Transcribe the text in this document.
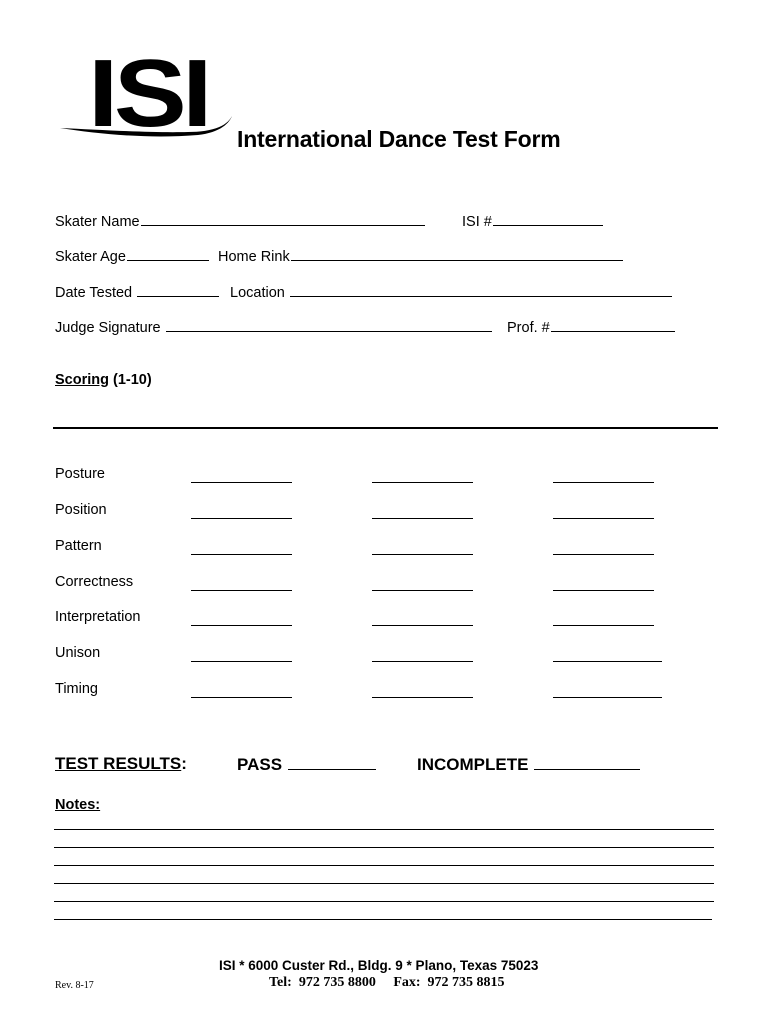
ISI International Dance Test Form
Skater Name	ISI #
Skater Age	Home Rink
Date Tested	Location
Judge Signature	Prof. #
Scoring (1-10)
Posture
Position
Pattern
Correctness
Interpretation
Unison
Timing
TEST RESULTS:	PASS	INCOMPLETE
Notes:
ISI * 6000 Custer Rd., Bldg. 9 * Plano, Texas 75023
Tel:  972 735 8800     Fax:  972 735 8815
Rev. 8-17
